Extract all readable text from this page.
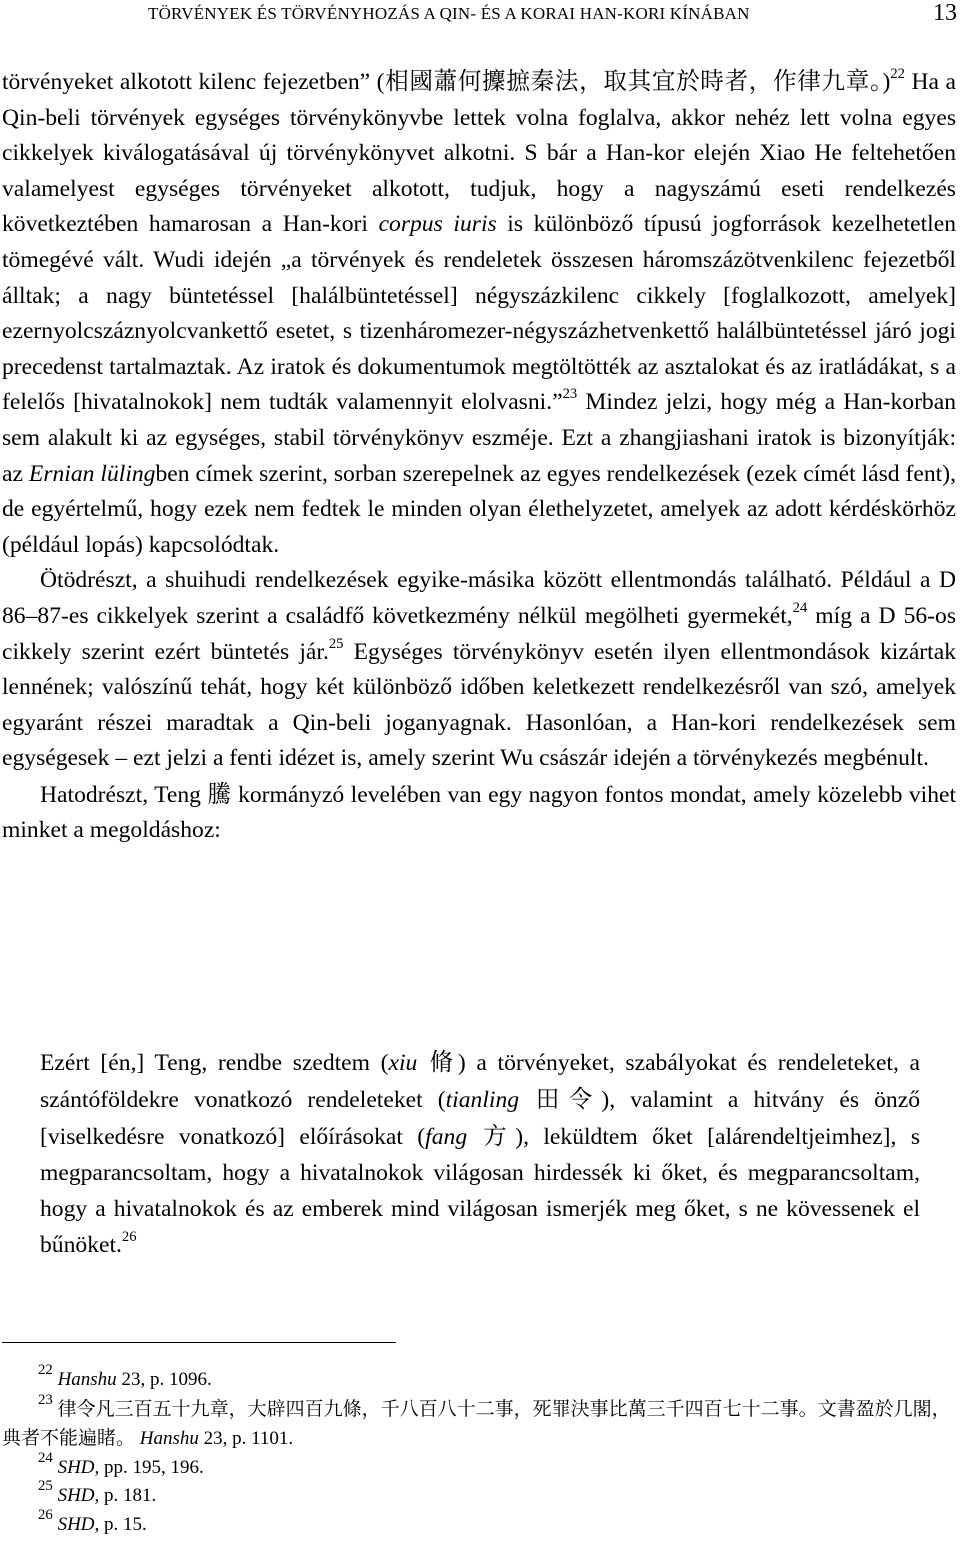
TÖRVÉNYEK ÉS TÖRVÉNYHOZÁS A QIN- ÉS A KORAI HAN-KORI KÍNÁBAN	13

törvényeket alkotott kilenc fejezetben” (相國蕭何攈摭秦法，取其宜於時者，作律九章。)$^{22}$ Ha a Qin-beli törvények egységes törvénykönyvbe lettek volna foglalva, akkor nehéz lett volna egyes cikkelyek kiválogatásával új törvénykönyvet alkotni. S bár a Han-kor elején Xiao He feltehetően valamelyest egységes törvényeket alkotott, tudjuk, hogy a nagyszámú eseti rendelkezés következtében hamarosan a Han-kori corpus iuris is különböző típusú jogforrások kezelhetetlen tömegévé vált. Wudi idején „a törvények és rendeletek összesen háromszázötvenkilenc fejezetből álltak; a nagy büntetéssel [halálbüntetéssel] négyszázkilenc cikkely [foglalkozott, amelyek] ezernyolcszáznyolcvankettő esetet, s tizenháromezer-négyszázhetvenkettő halálbüntetéssel járó jogi precedenst tartalmaztak. Az iratok és dokumentumok megtöltötték az asztalokat és az iratládákat, s a felelős [hivatalnokok] nem tudták valamennyit elolvasni.”$^{23}$ Mindez jelzi, hogy még a Han-korban sem alakult ki az egységes, stabil törvénykönyv eszméje. Ezt a zhangjiashani iratok is bizonyítják: az Ernian lülingben címek szerint, sorban szerepelnek az egyes rendelkezések (ezek címét lásd fent), de egyértelmű, hogy ezek nem fedtek le minden olyan élethelyzetet, amelyek az adott kérdéskörhöz (például lopás) kapcsolódtak.

Ötödrészt, a shuihudi rendelkezések egyike-másika között ellentmondás található. Például a D 86–87-es cikkelyek szerint a családfő következmény nélkül megölheti gyermekét,$^{24}$ míg a D 56-os cikkely szerint ezért büntetés jár.$^{25}$ Egységes törvénykönyv esetén ilyen ellentmondások kizártak lennének; valószínű tehát, hogy két különböző időben keletkezett rendelkezésről van szó, amelyek egyaránt részei maradtak a Qin-beli joganyagnak. Hasonlóan, a Han-kori rendelkezések sem egységesek – ezt jelzi a fenti idézet is, amely szerint Wu császár idején a törvénykezés megbénult.

Hatodrészt, Teng 騰 kormányzó levelében van egy nagyon fontos mondat, amely közelebb vihet minket a megoldáshoz:

Ezért [én,] Teng, rendbe szedtem (xiu 脩) a törvényeket, szabályokat és rendeleteket, a szántóföldekre vonatkozó rendeleteket (tianling 田令), valamint a hitvány és önző [viselkedésre vonatkozó] előírásokat (fang 方), leküldtem őket [alárendeltjeimhez], s megparancsoltam, hogy a hivatalnokok világosan hirdessék ki őket, és megparancsoltam, hogy a hivatalnokok és az emberek mind világosan ismerjék meg őket, s ne kövessenek el bűnöket.$^{26}$

$^{22}$ Hanshu 23, p. 1096.

$^{23}$ 律令凡三百五十九章，大辟四百九條，千八百八十二事，死罪決事比萬三千四百七十二事。文書盈於几閣，典者不能遍睹。 Hanshu 23, p. 1101.

$^{24}$ SHD, pp. 195, 196.

$^{25}$ SHD, p. 181.

$^{26}$ SHD, p. 15.
